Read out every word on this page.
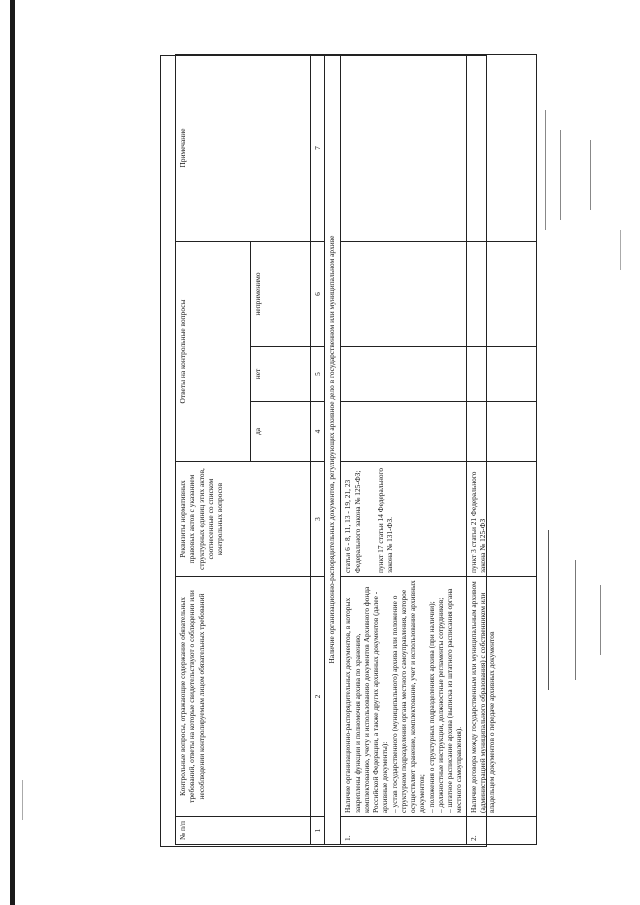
№ п/п	Контрольные вопросы, отражающие содержание обязательных требований, ответы на которые свидетельствуют о соблюдении или несоблюдении контролируемым лицом обязательных требований	Реквизиты нормативных правовых актов с указанием структурных единиц этих актов, соотнесенные со списком контрольных вопросов	Ответы на контрольные вопросы			Примечание
			да	нет	неприменимо	
1	2	3	4	5	6	7
Наличие организационно-распорядительных документов, регулирующих архивное дело в государственном или муниципальном архиве						
1.	Наличие организационно-распорядительных документов, в которых закреплены функции и полномочия архива по хранению, комплектованию, учету и использованию документов Архивного фонда Российской Федерации, а также других архивных документов (далее - архивные документы): – устав государственного (муниципального) архива или положение о структурном подразделении органа местного самоуправления, которое осуществляет хранение, комплектование, учет и использование архивных документов; – положения о структурных подразделениях архива (при наличии); – должностные инструкции, должностные регламенты сотрудников; – штатное расписание архива (выписка из штатного расписания органа местного самоуправления).	статьи 6 - 8, 11, 13 - 19, 21, 23 Федерального закона № 125-ФЗ; пункт 17 статьи 14 Федерального закона № 131-ФЗ.				

2.	Наличие договора между государственным или муниципальным архивом (администрацией муниципального образования) с собственником или владельцем документов о передаче архивных документов	пункт 3 статьи 21 Федерального закона № 125-ФЗ				
